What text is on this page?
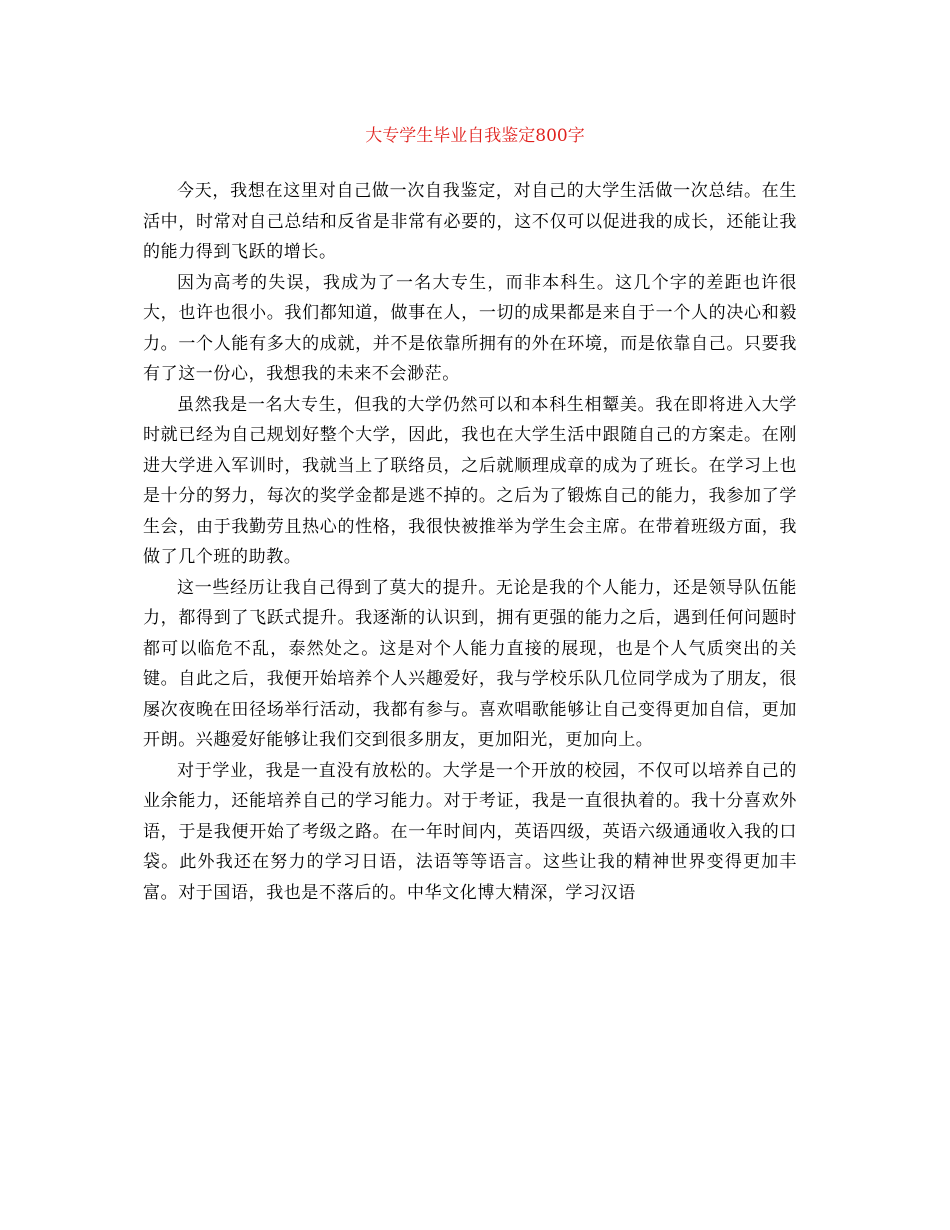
大专学生毕业自我鉴定800字

今天，我想在这里对自己做一次自我鉴定，对自己的大学生活做一次总结。在生活中，时常对自己总结和反省是非常有必要的，这不仅可以促进我的成长，还能让我的能力得到飞跃的增长。

因为高考的失误，我成为了一名大专生，而非本科生。这几个字的差距也许很大，也许也很小。我们都知道，做事在人，一切的成果都是来自于一个人的决心和毅力。一个人能有多大的成就，并不是依靠所拥有的外在环境，而是依靠自己。只要我有了这一份心，我想我的未来不会渺茫。

虽然我是一名大专生，但我的大学仍然可以和本科生相颦美。我在即将进入大学时就已经为自己规划好整个大学，因此，我也在大学生活中跟随自己的方案走。在刚进大学进入军训时，我就当上了联络员，之后就顺理成章的成为了班长。在学习上也是十分的努力，每次的奖学金都是逃不掉的。之后为了锻炼自己的能力，我参加了学生会，由于我勤劳且热心的性格，我很快被推举为学生会主席。在带着班级方面，我做了几个班的助教。

这一些经历让我自己得到了莫大的提升。无论是我的个人能力，还是领导队伍能力，都得到了飞跃式提升。我逐渐的认识到，拥有更强的能力之后，遇到任何问题时都可以临危不乱，泰然处之。这是对个人能力直接的展现，也是个人气质突出的关键。自此之后，我便开始培养个人兴趣爱好，我与学校乐队几位同学成为了朋友，很屡次夜晚在田径场举行活动，我都有参与。喜欢唱歌能够让自己变得更加自信，更加开朗。兴趣爱好能够让我们交到很多朋友，更加阳光，更加向上。

对于学业，我是一直没有放松的。大学是一个开放的校园，不仅可以培养自己的业余能力，还能培养自己的学习能力。对于考证，我是一直很执着的。我十分喜欢外语，于是我便开始了考级之路。在一年时间内，英语四级，英语六级通通收入我的口袋。此外我还在努力的学习日语，法语等等语言。这些让我的精神世界变得更加丰富。对于国语，我也是不落后的。中华文化博大精深，学习汉语
